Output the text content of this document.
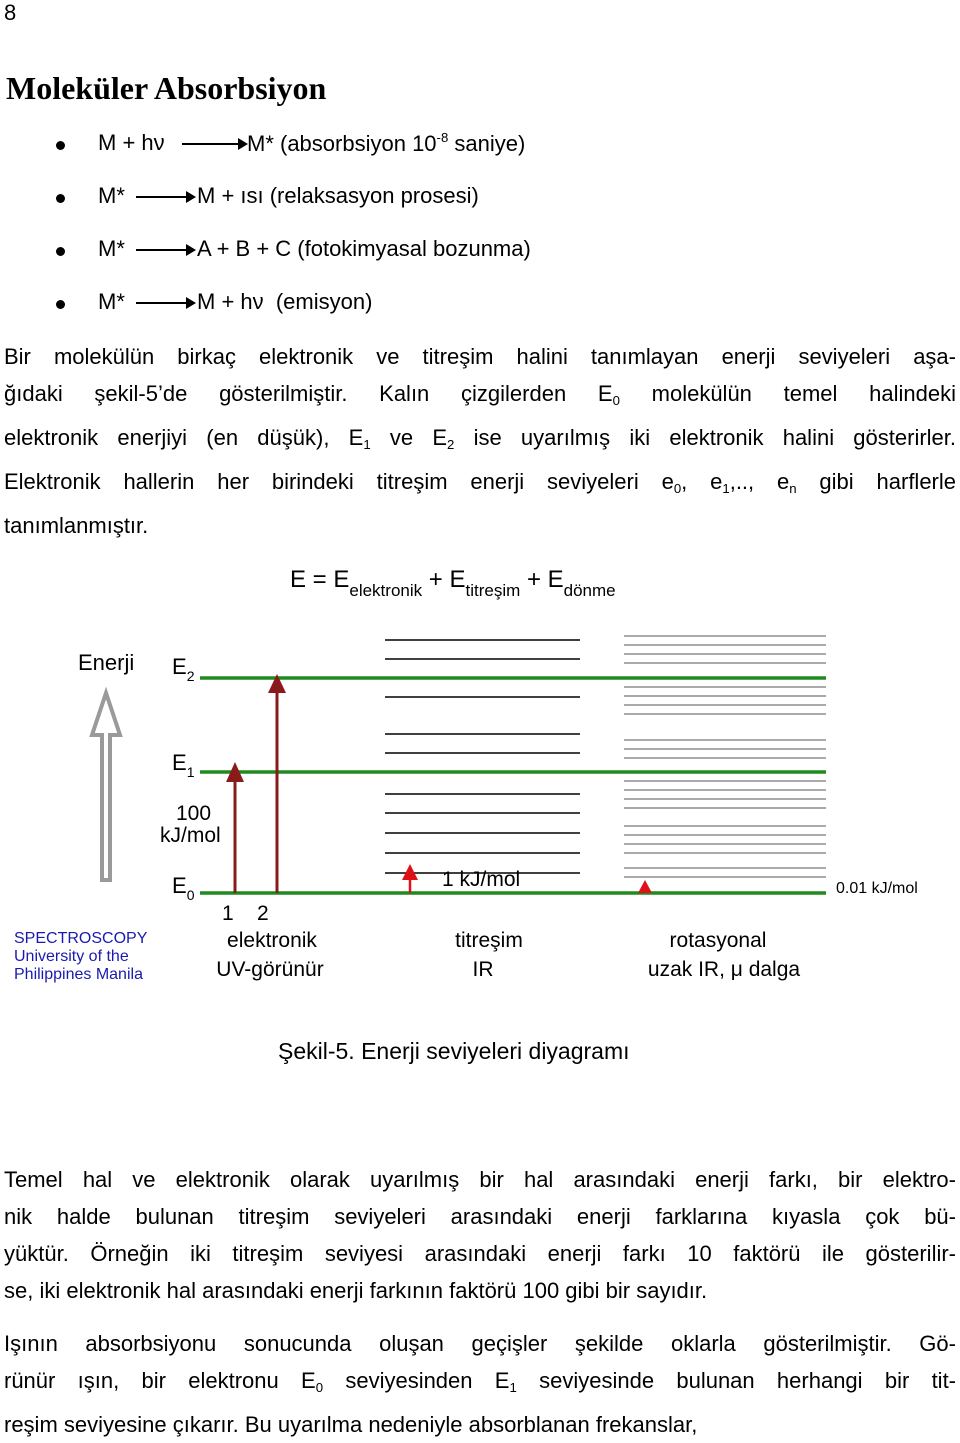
8
Moleküler Absorbsiyon
M + hν → M* (absorbsiyon $10^{-8}$ saniye)
M* → M + ısı (relaksasyon prosesi)
M* → A + B + C (fotokimyasal bozunma)
M* → M + hν  (emisyon)
Bir molekülün birkaç elektronik ve titreşim halini tanımlayan enerji seviyeleri aşa-
ğıdaki şekil-5’de gösterilmiştir. Kalın çizgilerden $E_0$ molekülün temel halindeki
elektronik enerjiyi (en düşük), $E_1$ ve $E_2$ ise uyarılmış iki elektronik halini gösterirler.
Elektronik hallerin her birindeki titreşim enerji seviyeleri $e_0$, $e_1$,.., $e_n$ gibi harflerle
tanımlanmıştır.
$E = E_{elektronik} + E_{titreşim} + E_{dönme}$
Enerji $E_2$
$E_1$
100
kJ/mol
$E_0$
1 kJ/mol	0.01 kJ/mol
1    2
elektronik
UV-görünür
titreşim
IR
rotasyonal
uzak IR, μ dalga
SPECTROSCOPY
University of the
Philippines Manila
Şekil-5. Enerji seviyeleri diyagramı
Temel hal ve elektronik olarak uyarılmış bir hal arasındaki enerji farkı, bir elektro-
nik halde bulunan titreşim seviyeleri arasındaki enerji farklarına kıyasla çok bü-
yüktür. Örneğin iki titreşim seviyesi arasındaki enerji farkı 10 faktörü ile gösterilir-
se, iki elektronik hal arasındaki enerji farkının faktörü 100 gibi bir sayıdır.
Işının absorbsiyonu sonucunda oluşan geçişler şekilde oklarla gösterilmiştir. Gö-
rünür ışın, bir elektronu $E_0$ seviyesinden $E_1$ seviyesinde bulunan herhangi bir tit-
reşim seviyesine çıkarır. Bu uyarılma nedeniyle absorblanan frekanslar,
